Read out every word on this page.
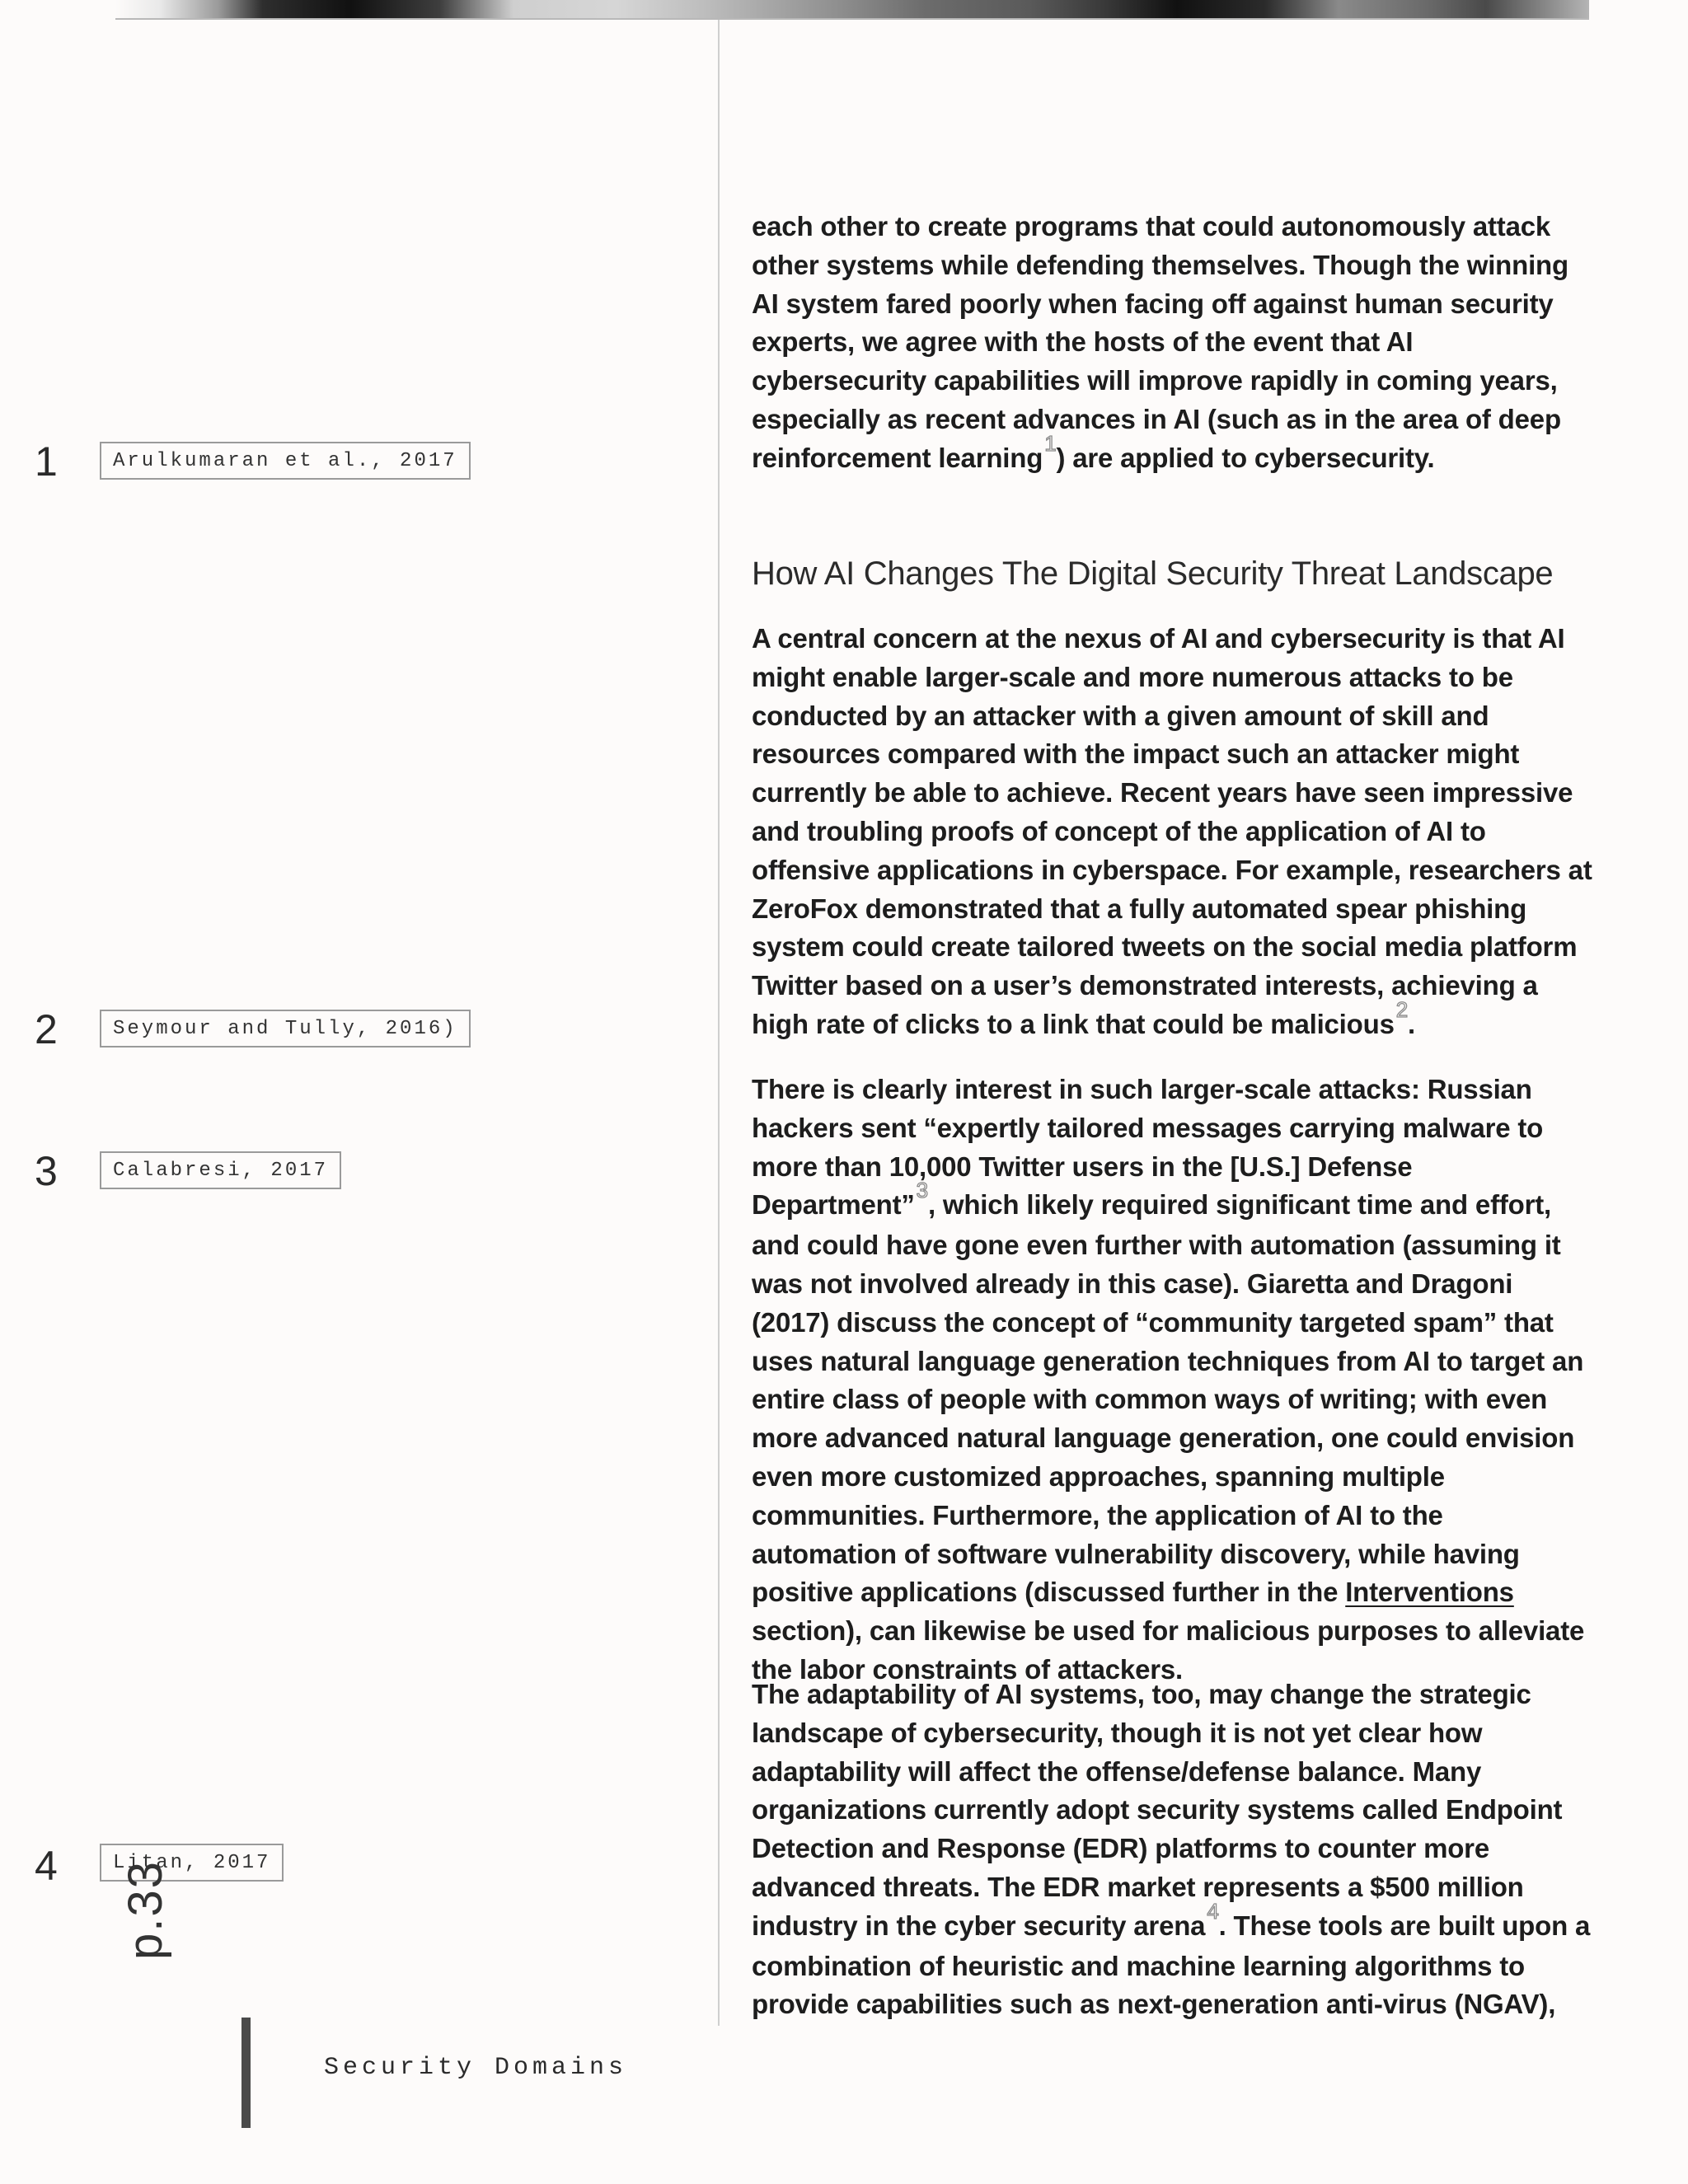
1	Arulkumaran et al., 2017
2	Seymour and Tully, 2016)
3	Calabresi, 2017
4	Litan, 2017

each other to create programs that could autonomously attack other systems while defending themselves. Though the winning AI system fared poorly when facing off against human security experts, we agree with the hosts of the event that AI cybersecurity capabilities will improve rapidly in coming years, especially as recent advances in AI (such as in the area of deep reinforcement learning$^1$) are applied to cybersecurity.

How AI Changes The Digital Security Threat Landscape

A central concern at the nexus of AI and cybersecurity is that AI might enable larger-scale and more numerous attacks to be conducted by an attacker with a given amount of skill and resources compared with the impact such an attacker might currently be able to achieve. Recent years have seen impressive and troubling proofs of concept of the application of AI to offensive applications in cyberspace. For example, researchers at ZeroFox demonstrated that a fully automated spear phishing system could create tailored tweets on the social media platform Twitter based on a user’s demonstrated interests, achieving a high rate of clicks to a link that could be malicious$^2$.

There is clearly interest in such larger-scale attacks: Russian hackers sent “expertly tailored messages carrying malware to more than 10,000 Twitter users in the [U.S.] Defense Department”$^3$, which likely required significant time and effort, and could have gone even further with automation (assuming it was not involved already in this case). Giaretta and Dragoni (2017) discuss the concept of “community targeted spam” that uses natural language generation techniques from AI to target an entire class of people with common ways of writing; with even more advanced natural language generation, one could envision even more customized approaches, spanning multiple communities. Furthermore, the application of AI to the automation of software vulnerability discovery, while having positive applications (discussed further in the Interventions section), can likewise be used for malicious purposes to alleviate the labor constraints of attackers.

The adaptability of AI systems, too, may change the strategic landscape of cybersecurity, though it is not yet clear how adaptability will affect the offense/defense balance. Many organizations currently adopt security systems called Endpoint Detection and Response (EDR) platforms to counter more advanced threats. The EDR market represents a $500 million industry in the cyber security arena$^4$. These tools are built upon a combination of heuristic and machine learning algorithms to provide capabilities such as next-generation anti-virus (NGAV),

p.33
Security Domains
